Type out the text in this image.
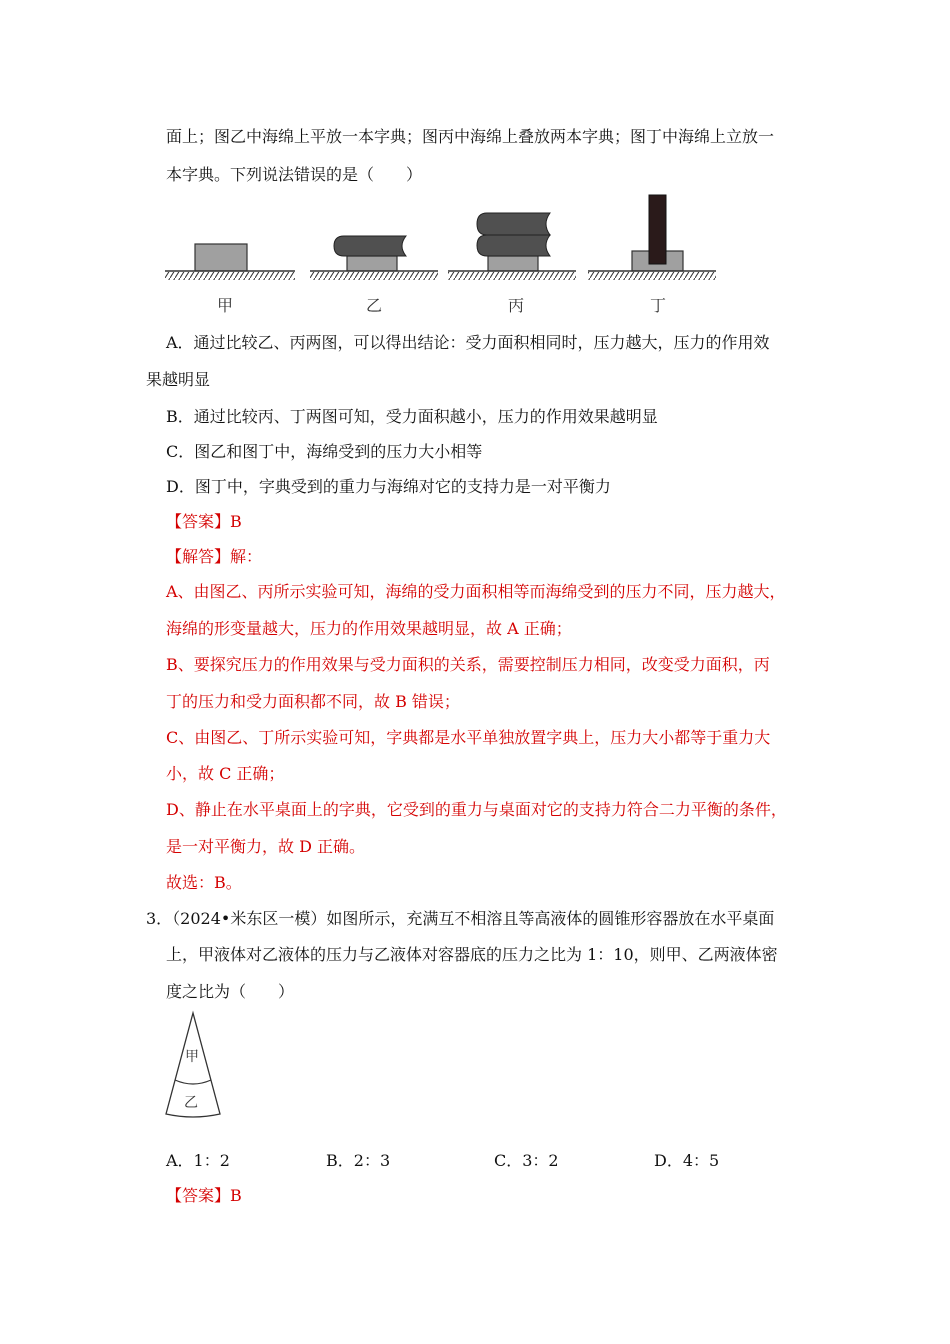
面上；图乙中海绵上平放一本字典；图丙中海绵上叠放两本字典；图丁中海绵上立放一
本字典。下列说法错误的是（　　）
甲	乙	丙	丁
A．通过比较乙、丙两图，可以得出结论：受力面积相同时，压力越大，压力的作用效
果越明显
B．通过比较丙、丁两图可知，受力面积越小，压力的作用效果越明显
C．图乙和图丁中，海绵受到的压力大小相等
D．图丁中，字典受到的重力与海绵对它的支持力是一对平衡力
【答案】B
【解答】解：
A、由图乙、丙所示实验可知，海绵的受力面积相等而海绵受到的压力不同，压力越大，
海绵的形变量越大，压力的作用效果越明显，故 A 正确；
B、要探究压力的作用效果与受力面积的关系，需要控制压力相同，改变受力面积，丙
丁的压力和受力面积都不同，故 B 错误；
C、由图乙、丁所示实验可知，字典都是水平单独放置字典上，压力大小都等于重力大
小，故 C 正确；
D、静止在水平桌面上的字典，它受到的重力与桌面对它的支持力符合二力平衡的条件，
是一对平衡力，故 D 正确。
故选：B。
3．（2024•米东区一模）如图所示，充满互不相溶且等高液体的圆锥形容器放在水平桌面
上，甲液体对乙液体的压力与乙液体对容器底的压力之比为 1：10，则甲、乙两液体密
度之比为（　　）
甲
乙
A．1：2	B．2：3	C．3：2	D．4：5
【答案】B
